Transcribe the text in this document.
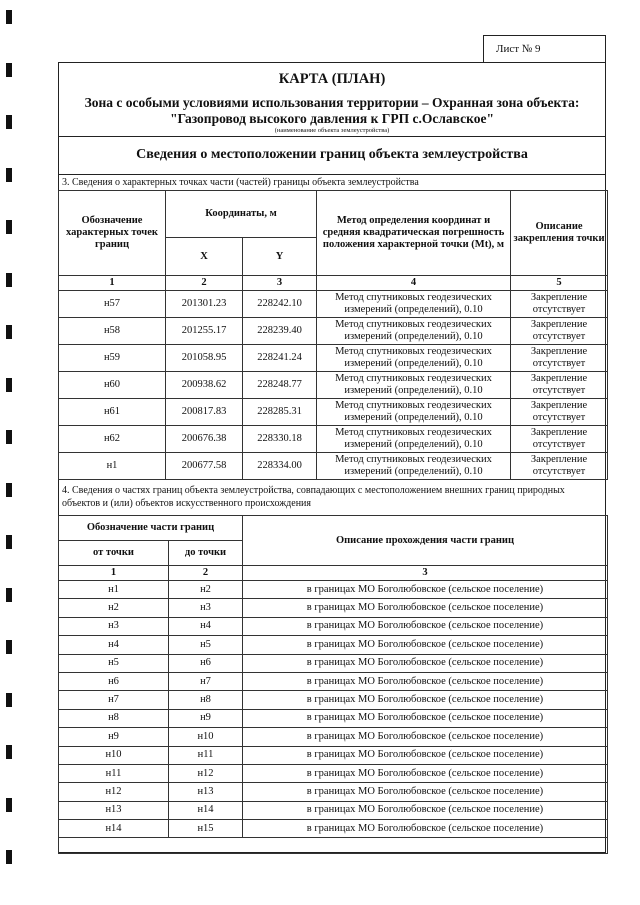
Лист № 9
КАРТА (ПЛАН)
Зона с особыми условиями использования территории – Охранная зона объекта:
"Газопровод высокого давления к ГРП с.Ославское"
(наименование объекта землеустройства)
Сведения о местоположении границ объекта землеустройства
3. Сведения о характерных точках части (частей) границы объекта землеустройства
Обозначение характерных точек границ	Координаты, м		Метод определения координат и средняя квадратическая погрешность положения характерной точки (Mt), м	Описание закрепления точки
	X	Y		
1	2	3	4	5
н57	201301.23	228242.10	Метод спутниковых геодезических измерений (определений), 0.10	Закрепление отсутствует
н58	201255.17	228239.40	Метод спутниковых геодезических измерений (определений), 0.10	Закрепление отсутствует
н59	201058.95	228241.24	Метод спутниковых геодезических измерений (определений), 0.10	Закрепление отсутствует
н60	200938.62	228248.77	Метод спутниковых геодезических измерений (определений), 0.10	Закрепление отсутствует
н61	200817.83	228285.31	Метод спутниковых геодезических измерений (определений), 0.10	Закрепление отсутствует
н62	200676.38	228330.18	Метод спутниковых геодезических измерений (определений), 0.10	Закрепление отсутствует
н1	200677.58	228334.00	Метод спутниковых геодезических измерений (определений), 0.10	Закрепление отсутствует
4. Сведения о частях границ объекта землеустройства, совпадающих с местоположением внешних границ природных объектов и (или) объектов искусственного происхождения
Обозначение части границ		Описание прохождения части границ
от точки	до точки	
1	2	3
н1	н2	в границах МО Боголюбовское (сельское поселение)
н2	н3	в границах МО Боголюбовское (сельское поселение)
н3	н4	в границах МО Боголюбовское (сельское поселение)
н4	н5	в границах МО Боголюбовское (сельское поселение)
н5	н6	в границах МО Боголюбовское (сельское поселение)
н6	н7	в границах МО Боголюбовское (сельское поселение)
н7	н8	в границах МО Боголюбовское (сельское поселение)
н8	н9	в границах МО Боголюбовское (сельское поселение)
н9	н10	в границах МО Боголюбовское (сельское поселение)
н10	н11	в границах МО Боголюбовское (сельское поселение)
н11	н12	в границах МО Боголюбовское (сельское поселение)
н12	н13	в границах МО Боголюбовское (сельское поселение)
н13	н14	в границах МО Боголюбовское (сельское поселение)
н14	н15	в границах МО Боголюбовское (сельское поселение)
